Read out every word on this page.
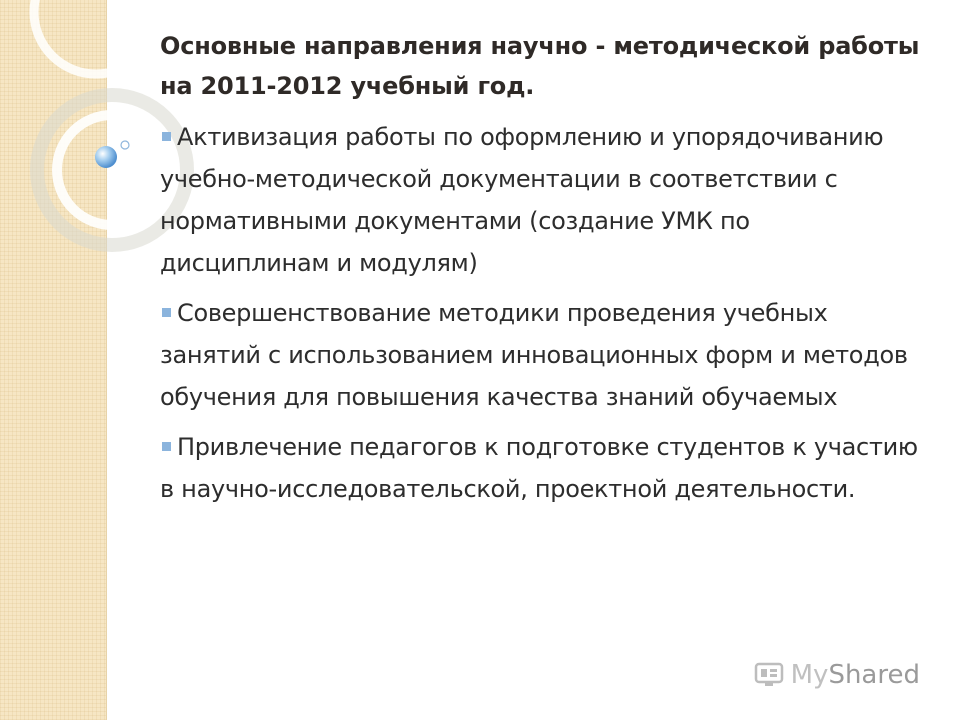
Основные направления научно - методической работы на 2011-2012 учебный год.
Активизация работы по оформлению и упорядочиванию учебно-методической документации в соответствии с нормативными документами (создание УМК по дисциплинам и модулям)
Совершенствование методики проведения учебных занятий с использованием инновационных форм и методов обучения для повышения качества знаний обучаемых
Привлечение педагогов к подготовке студентов к участию в научно-исследовательской, проектной деятельности.
My Shared
